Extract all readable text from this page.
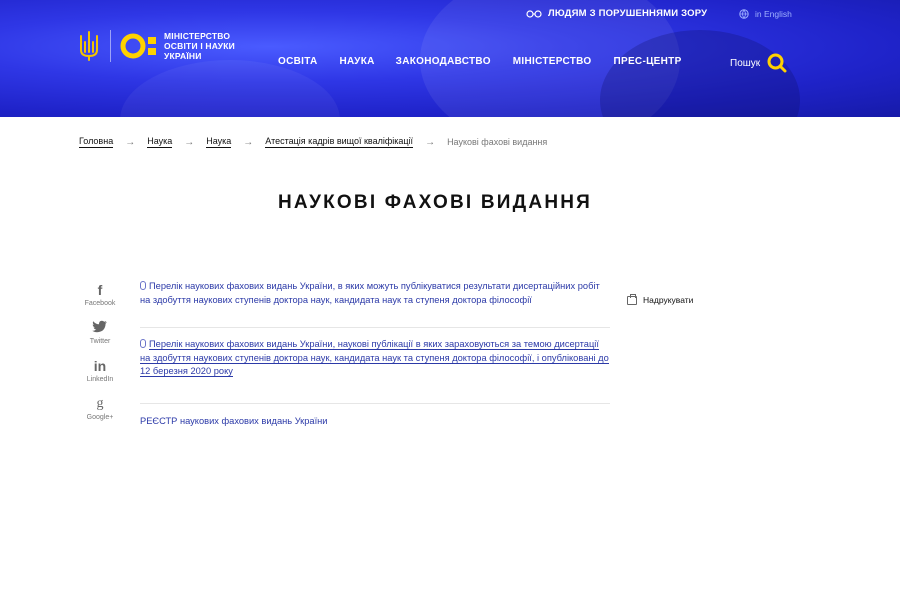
МІНІСТЕРСТВО
ОСВІТИ І НАУКИ
УКРАЇНИ
ЛЮДЯМ З ПОРУШЕННЯМИ ЗОРУ	in English
ОСВІТА НАУКА ЗАКОНОДАВСТВО МІНІСТЕРСТВО ПРЕС-ЦЕНТР	Пошук
Головна → Наука → Наука → Атестація кадрів вищої кваліфікації → Наукові фахові видання
НАУКОВІ ФАХОВІ ВИДАННЯ
f
Facebook
Twitter
in
LinkedIn
g
Google+
Перелік наукових фахових видань України, в яких можуть публікуватися результати дисертаційних робіт на здобуття наукових ступенів доктора наук, кандидата наук та ступеня доктора філософії
Перелік наукових фахових видань України, наукові публікації в яких зараховуються за темою дисертації на здобуття наукових ступенів доктора наук, кандидата наук та ступеня доктора філософії, і опубліковані до 12 березня 2020 року
РЕЄСТР наукових фахових видань України
Надрукувати
